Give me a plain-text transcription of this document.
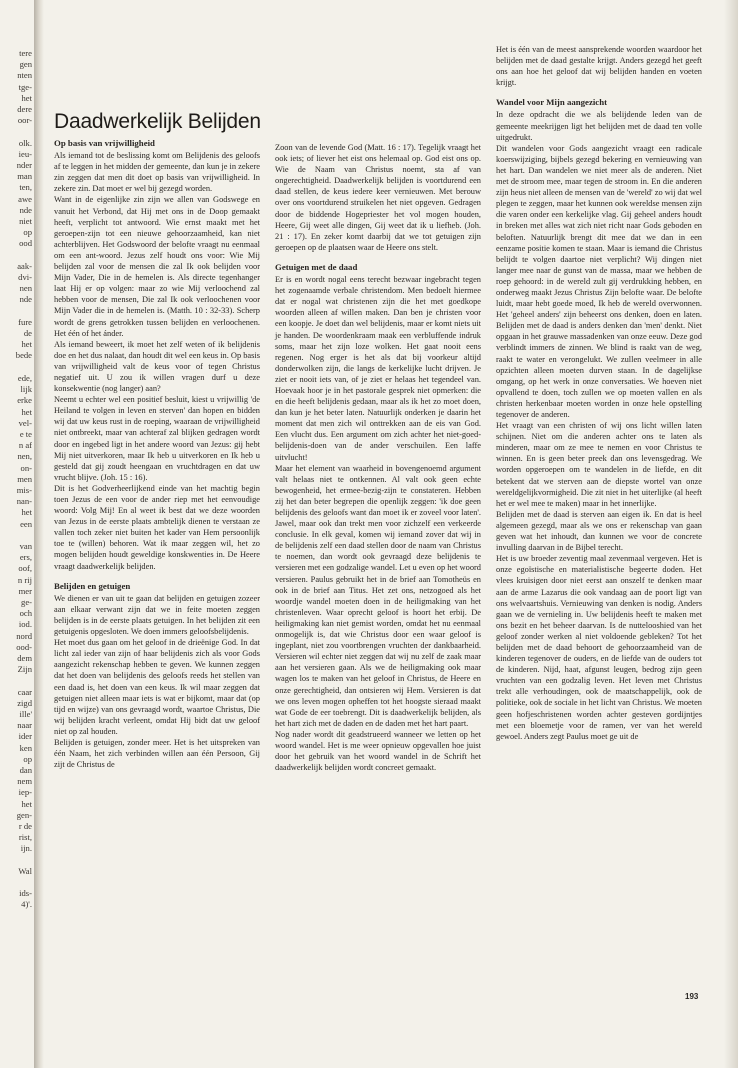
tere
gen
nten
tge-
het
dere
oor-

olk.
ieu-
nder
man
ten,
awe
nde
niet
op
ood

aak-
dvi-
nen
nde

fure
de
het
bede

ede,
lijk
erke
het
vel-
e te
n af
nen,
on-
men
mis-
nan-
het
een

van
ers,
oof,
n rij
mer
ge-
och
iod.
nord
ood-
dem
Zijn

caar
zigd
ille'
naar
ider
ken
op
dan
nem
iep-
het
gen-
r de
rist,
ijn.

Wal

ids-
4)'.
Daadwerkelijk Belijden
Op basis van vrijwilligheid

Als iemand tot de beslissing komt om Belijdenis des geloofs af te leggen in het midden der gemeente, dan kun je in zekere zin zeggen dat men dit doet op basis van vrijwilligheid. In zekere zin. Dat moet er wel bij gezegd worden.

Want in de eigenlijke zin zijn we allen van Godswege en vanuit het Verbond, dat Hij met ons in de Doop gemaakt heeft, verplicht tot antwoord. Wie ernst maakt met het geroepen-zijn tot een nieuwe gehoorzaamheid, kan niet achterblijven. Het Godswoord der belofte vraagt nu eenmaal om een ant-woord. Jezus zelf houdt ons voor: Wie Mij belijden zal voor de mensen die zal Ik ook belijden voor Mijn Vader, Die in de hemelen is. Als directe tegenhanger laat Hij er op volgen: maar zo wie Mij verloochend zal hebben voor de mensen, Die zal Ik ook verloochenen voor Mijn Vader die in de hemelen is. (Matth. 10 : 32-33). Scherp wordt de grens getrokken tussen belijden en verloochenen. Het één of het ánder.

Als iemand beweert, ik moet het zelf weten of ik belijdenis doe en het dus nalaat, dan houdt dit wel een keus in. Op basis van vrijwilligheid valt de keus voor of tegen Christus negatief uit. U zou ik willen vragen durf u deze konsekwentie (nog langer) aan?

Neemt u echter wel een positief besluit, kiest u vrijwillig 'de Heiland te volgen in leven en sterven' dan hopen en bidden wij dat uw keus rust in de roeping, waaraan de vrijwilligheid niet ontbreekt, maar van achteraf zal blijken gedragen wordt door en ingebed ligt in het andere woord van Jezus: gij hebt Mij niet uitverkoren, maar Ik heb u uitverkoren en Ik heb u gesteld dat gij zoudt heengaan en vruchtdragen en dat uw vrucht blijve. (Joh. 15 : 16).

Dit is het Godverheerlijkend einde van het machtig begin toen Jezus de een voor de ander riep met het eenvoudige woord: Volg Mij! En al weet ik best dat we deze woorden van Jezus in de eerste plaats ambtelijk dienen te verstaan ze vallen toch zeker niet buiten het kader van Hem persoonlijk toe te (willen) behoren. Wat ik maar zeggen wil, het zo mogen belijden houdt geweldige konskwenties in. De Heere vraagt daadwerkelijk belijden.

Belijden en getuigen

We dienen er van uit te gaan dat belijden en getuigen zozeer aan elkaar verwant zijn dat we in feite moeten zeggen belijden is in de eerste plaats getuigen. In het belijden zit een getuigenis opgesloten. We doen immers geloofsbelijdenis.

Het moet dus gaan om het geloof in de drieënige God. In dat licht zal ieder van zijn of haar belijdenis zich als voor Gods aangezicht rekenschap hebben te geven. We kunnen zeggen dat het doen van belijdenis des geloofs reeds het stellen van een daad is, het doen van een keus. Ik wil maar zeggen dat getuigen niet alleen maar iets is wat er bijkomt, maar dat (op tijd en wijze) van ons gevraagd wordt, waartoe Christus, Die wij belijden kracht verleent, omdat Hij bidt dat uw geloof niet op zal houden.

Belijden is getuigen, zonder meer. Het is het uitspreken van één Naam, het zich verbinden willen aan één Persoon, Gij zijt de Christus de

Zoon van de levende God (Matt. 16 : 17). Tegelijk vraagt het ook iets; of liever het eist ons helemaal op. God eist ons op. Wie de Naam van Christus noemt, sta af van ongerechtigheid. Daadwerkelijk belijden is voortdurend een daad stellen, de keus iedere keer vernieuwen. Met berouw over ons voortdurend struikelen het niet opgeven. Gedragen door de biddende Hogepriester het vol mogen houden, Heere, Gij weet alle dingen, Gij weet dat ik u liefheb. (Joh. 21 : 17). En zeker komt daarbij dat we tot getuigen zijn geroepen op de plaatsen waar de Heere ons stelt.

Getuigen met de daad

Er is en wordt nogal eens terecht bezwaar ingebracht tegen het zogenaamde verbale christendom. Men bedoelt hiermee dat er nogal wat christenen zijn die het met goedkope woorden alleen af willen maken. Dan ben je christen voor een koopje. Je doet dan wel belijdenis, maar er komt niets uit je handen. De woordenkraam maak een verbluffende indruk soms, maar het zijn loze wolken. Het gaat nooit eens regenen. Nog erger is het als dat bij voorkeur altijd donderwolken zijn, die langs de kerkelijke lucht drijven. Je ziet er nooit iets van, of je ziet er helaas het tegendeel van. Hoevaak hoor je in het pastorale gesprek niet opmerken: die en die heeft belijdenis gedaan, maar als ik het zo moet doen, dan kun je het beter laten. Natuurlijk onderken je daarin het moment dat men zich wil onttrekken aan de eis van God. Een vlucht dus. Een argument om zich achter het niet-goed-belijdenis-doen van de ander verschuilen. Een laffe uitvlucht!

Maar het element van waarheid in bovengenoemd argument valt helaas niet te ontkennen. Al valt ook geen echte bewogenheid, het ermee-bezig-zijn te constateren. Hebben zij het dan beter begrepen die openlijk zeggen: 'ik doe geen belijdenis des geloofs want dan moet ik er zoveel voor laten'. Jawel, maar ook dan trekt men voor zichzelf een verkeerde conclusie. In elk geval, komen wij iemand zover dat wij in de belijdenis zelf een daad stellen door de naam van Christus te noemen, dan wordt ook gevraagd deze belijdenis te versieren met een godzalige wandel. Let u even op het woord versieren. Paulus gebruikt het in de brief aan Tomotheüs en ook in de brief aan Titus. Het zet ons, netzogoed als het woordje wandel moeten doen in de heiligmaking van het christenleven. Waar oprecht geloof is hoort het erbij. De heiligmaking kan niet gemist worden, omdat het nu eenmaal onmogelijk is, dat wie Christus door een waar geloof is ingeplant, niet zou voortbrengen vruchten der dankbaarheid. Versieren wil echter niet zeggen dat wij nu zelf de zaak maar aan het versieren gaan. Als we de heiligmaking ook maar wagen los te maken van het geloof in Christus, de Heere en onze gerechtigheid, dan ontsieren wij Hem. Versieren is dat we ons leven mogen opheffen tot het hoogste sieraad maakt wat Gode de eer toebrengt. Dit is daadwerkelijk belijden, als het hart zich met de daden en de daden met het hart paart.

Nog nader wordt dit geadstrueerd wanneer we letten op het woord wandel. Het is me weer opnieuw opgevallen hoe juist door het gebruik van het woord wandel in de Schrift het daadwerkelijk belijden wordt concreet gemaakt.

Het is één van de meest aansprekende woorden waardoor het belijden met de daad gestalte krijgt. Anders gezegd het geeft ons aan hoe het geloof dat wij belijden handen en voeten krijgt.

Wandel voor Mijn aangezicht

In deze opdracht die we als belijdende leden van de gemeente meekrijgen ligt het belijden met de daad ten volle uitgedrukt.

Dit wandelen voor Gods aangezicht vraagt een radicale koerswijziging, bijbels gezegd bekering en vernieuwing van het hart. Dan wandelen we niet meer als de anderen. Niet met de stroom mee, maar tegen de stroom in. En die anderen zijn heus niet alleen de mensen van de 'wereld' zo wij dat wel plegen te zeggen, maar het kunnen ook wereldse mensen zijn die varen onder een kerkelijke vlag. Gij geheel anders houdt in breken met alles wat zich niet richt naar Gods geboden en beloften. Natuurlijk brengt dit mee dat we dan in een eenzame positie komen te staan. Maar is iemand die Christus belijdt te volgen daartoe niet verplicht? Wij dingen niet langer mee naar de gunst van de massa, maar we hebben de roep gehoord: in de wereld zult gij verdrukking hebben, en onderweg maakt Jezus Christus Zijn belofte waar. De belofte luidt, maar hebt goede moed, Ik heb de wereld overwonnen. Het 'geheel anders' zijn beheerst ons denken, doen en laten. Belijden met de daad is anders denken dan 'men' denkt. Niet opgaan in het grauwe massadenken van onze eeuw. Deze god verblindt immers de zinnen. We blind is raakt van de weg, raakt te water en verongelukt. We zullen veelmeer in alle opzichten alleen moeten durven staan. In de dagelijkse omgang, op het werk in onze conversaties. We hoeven niet opvallend te doen, toch zullen we op moeten vallen en als christen herkenbaar moeten worden in onze hele opstelling tegenover de anderen.

Het vraagt van een christen of wij ons licht willen laten schijnen. Niet om die anderen achter ons te laten als minderen, maar om ze mee te nemen en voor Christus te winnen. En is geen beter preek dan ons levensgedrag. We worden opgeroepen om te wandelen in de liefde, en dit betekent dat we sterven aan de diepste wortel van onze wereldgelijkvormigheid. Die zit niet in het uiterlijke (al heeft het er wel mee te maken) maar in het innerlijke.

Belijden met de daad is sterven aan eigen ik. En dat is heel algemeen gezegd, maar als we ons er rekenschap van gaan geven wat het inhoudt, dan kunnen we voor de concrete invulling daarvan in de Bijbel terecht.

Het is uw broeder zeventig maal zevenmaal vergeven. Het is onze egoïstische en materialistische begeerte doden. Het vlees kruisigen door niet eerst aan onszelf te denken maar aan de arme Lazarus die ook vandaag aan de poort ligt van ons welvaartshuis. Vernieuwing van denken is nodig. Anders gaan we de vernieling in. Uw belijdenis heeft te maken met ons bezit en het beheer daarvan. Is de nuttelooshied van het geloof zonder werken al niet voldoende gebleken? Tot het belijden met de daad behoort de gehoorzaamheid van de kinderen tegenover de ouders, en de liefde van de ouders tot de kinderen. Nijd, haat, afgunst leugen, bedrog zijn geen vruchten van een godzalig leven. Het leven met Christus trekt alle verhoudingen, ook de maatschappelijk, ook de politieke, ook de sociale in het licht van Christus. We moeten geen hofjeschristenen worden achter gesteven gordijntjes met een bloemetje voor de ramen, ver van het wereld gewoel. Anders zegt Paulus moet ge uit de

193
